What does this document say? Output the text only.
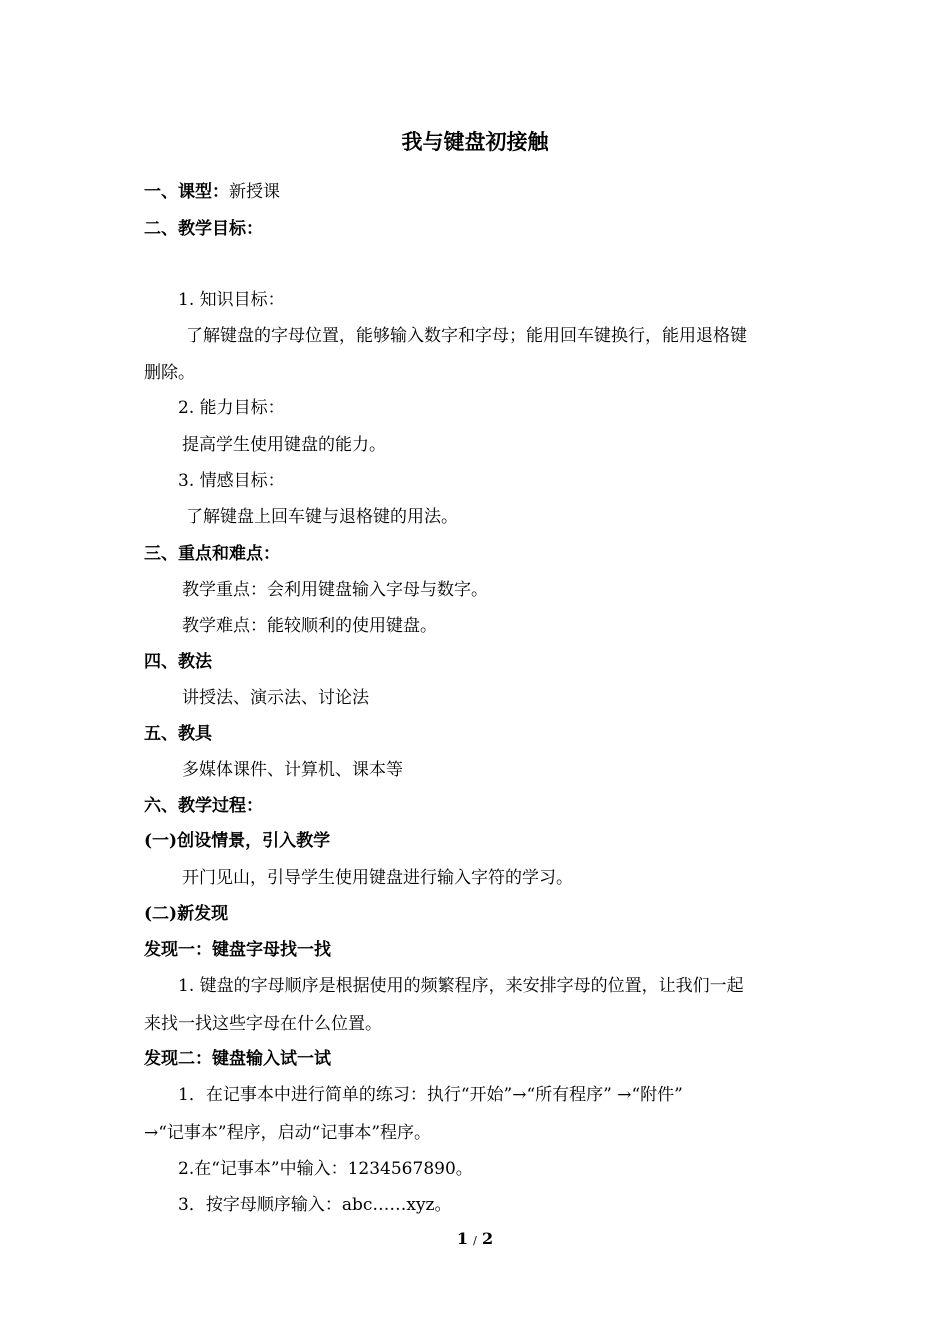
我与键盘初接触
一、课型：新授课
二、教学目标：
1. 知识目标：
了解键盘的字母位置，能够输入数字和字母；能用回车键换行，能用退格键
删除。
2. 能力目标：
提高学生使用键盘的能力。
3. 情感目标：
了解键盘上回车键与退格键的用法。
三、重点和难点：
教学重点：会利用键盘输入字母与数字。
教学难点：能较顺利的使用键盘。
四、教法
讲授法、演示法、讨论法
五、教具
多媒体课件、计算机、课本等
六、教学过程：
(一)创设情景，引入教学
开门见山，引导学生使用键盘进行输入字符的学习。
(二)新发现
发现一：键盘字母找一找
1. 键盘的字母顺序是根据使用的频繁程序，来安排字母的位置，让我们一起
来找一找这些字母在什么位置。
发现二：键盘输入试一试
1．在记事本中进行简单的练习：执行“开始”→“所有程序” →“附件”
→“记事本”程序，启动“记事本”程序。
2.在“记事本”中输入：1234567890。
3．按字母顺序输入：abc……xyz。
1 / 2
